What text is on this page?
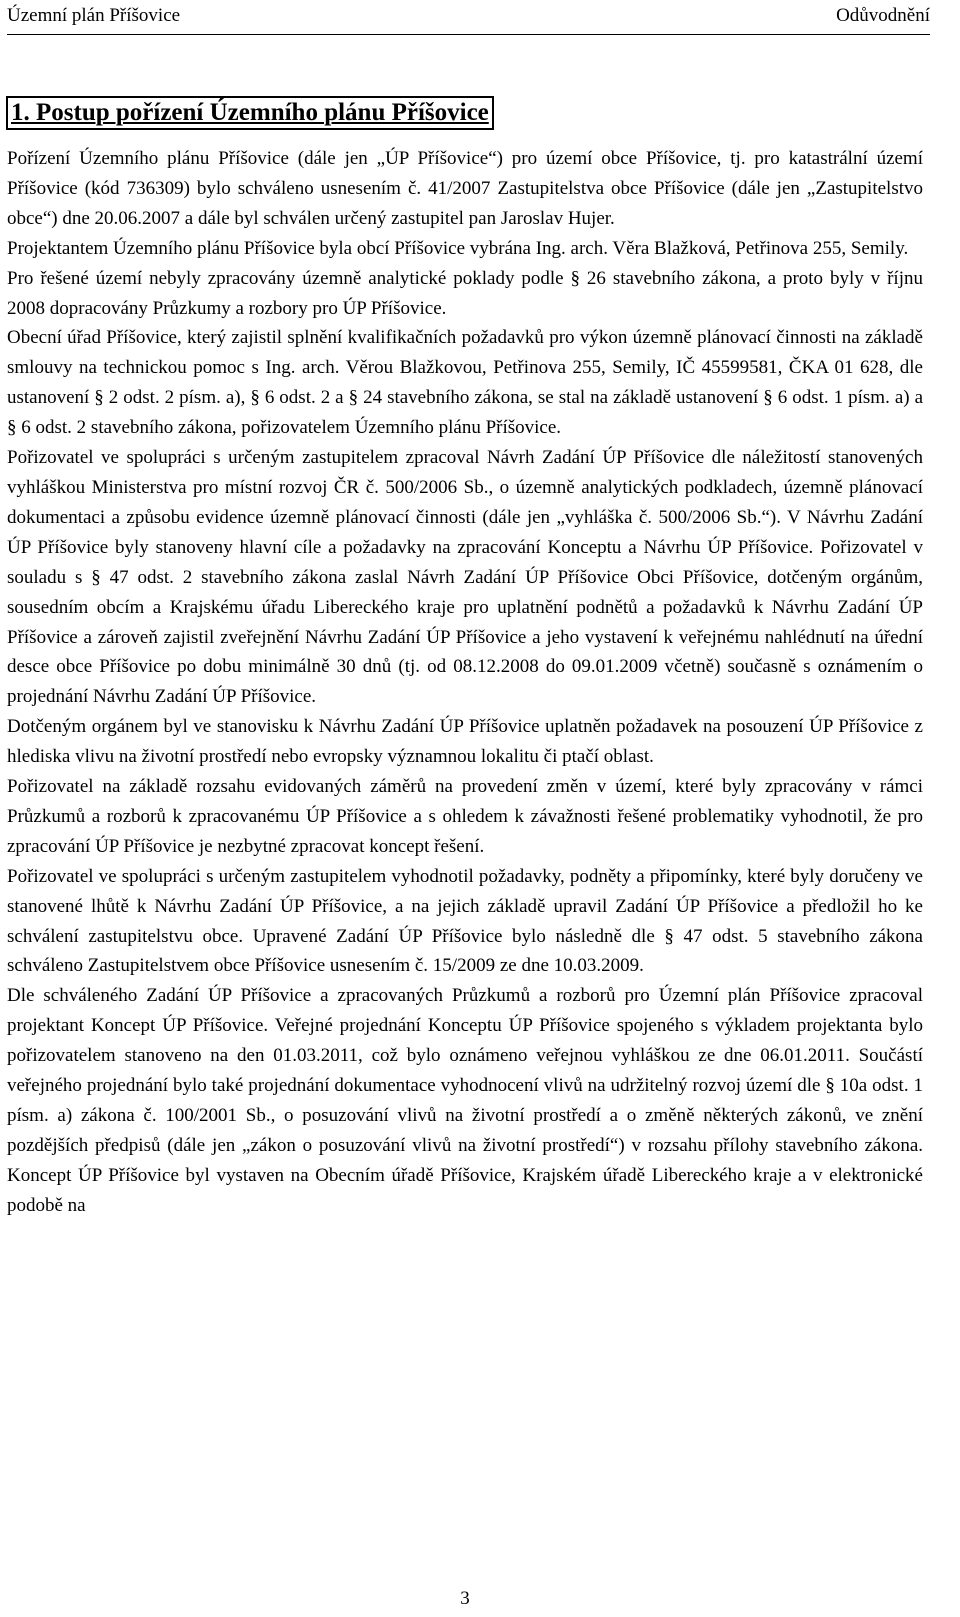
Územní plán Příšovice	Odůvodnění
1. Postup pořízení Územního plánu Příšovice

Pořízení Územního plánu Příšovice (dále jen „ÚP Příšovice“) pro území obce Příšovice, tj. pro katastrální území Příšovice (kód 736309) bylo schváleno usnesením č. 41/2007 Zastupitelstva obce Příšovice (dále jen „Zastupitelstvo obce“) dne 20.06.2007 a dále byl schválen určený zastupitel pan Jaroslav Hujer.

Projektantem Územního plánu Příšovice byla obcí Příšovice vybrána Ing. arch. Věra Blažková, Petřinova 255, Semily.

Pro řešené území nebyly zpracovány územně analytické poklady podle § 26 stavebního zákona, a proto byly v říjnu 2008 dopracovány Průzkumy a rozbory pro ÚP Příšovice.

Obecní úřad Příšovice, který zajistil splnění kvalifikačních požadavků pro výkon územně plánovací činnosti na základě smlouvy na technickou pomoc s Ing. arch. Věrou Blažkovou, Petřinova 255, Semily, IČ 45599581, ČKA 01 628, dle ustanovení § 2 odst. 2 písm. a), § 6 odst. 2 a § 24 stavebního zákona, se stal na základě ustanovení § 6 odst. 1 písm. a) a § 6 odst. 2 stavebního zákona, pořizovatelem Územního plánu Příšovice.

Pořizovatel ve spolupráci s určeným zastupitelem zpracoval Návrh Zadání ÚP Příšovice dle náležitostí stanovených vyhláškou Ministerstva pro místní rozvoj ČR č. 500/2006 Sb., o územně analytických podkladech, územně plánovací dokumentaci a způsobu evidence územně plánovací činnosti (dále jen „vyhláška č. 500/2006 Sb.“). V Návrhu Zadání ÚP Příšovice byly stanoveny hlavní cíle a požadavky na zpracování Konceptu a Návrhu ÚP Příšovice. Pořizovatel v souladu s § 47 odst. 2 stavebního zákona zaslal Návrh Zadání ÚP Příšovice Obci Příšovice, dotčeným orgánům, sousedním obcím a Krajskému úřadu Libereckého kraje pro uplatnění podnětů a požadavků k Návrhu Zadání ÚP Příšovice a zároveň zajistil zveřejnění Návrhu Zadání ÚP Příšovice a jeho vystavení k veřejnému nahlédnutí na úřední desce obce Příšovice po dobu minimálně 30 dnů (tj. od 08.12.2008 do 09.01.2009 včetně) současně s oznámením o projednání Návrhu Zadání ÚP Příšovice.

Dotčeným orgánem byl ve stanovisku k Návrhu Zadání ÚP Příšovice uplatněn požadavek na posouzení ÚP Příšovice z hlediska vlivu na životní prostředí nebo evropsky významnou lokalitu či ptačí oblast.

Pořizovatel na základě rozsahu evidovaných záměrů na provedení změn v území, které byly zpracovány v rámci Průzkumů a rozborů k zpracovanému ÚP Příšovice a s ohledem k závažnosti řešené problematiky vyhodnotil, že pro zpracování ÚP Příšovice je nezbytné zpracovat koncept řešení.

Pořizovatel ve spolupráci s určeným zastupitelem vyhodnotil požadavky, podněty a připomínky, které byly doručeny ve stanovené lhůtě k Návrhu Zadání ÚP Příšovice, a na jejich základě upravil Zadání ÚP Příšovice a předložil ho ke schválení zastupitelstvu obce. Upravené Zadání ÚP Příšovice bylo následně dle § 47 odst. 5 stavebního zákona schváleno Zastupitelstvem obce Příšovice usnesením č. 15/2009 ze dne 10.03.2009.

Dle schváleného Zadání ÚP Příšovice a zpracovaných Průzkumů a rozborů pro Územní plán Příšovice zpracoval projektant Koncept ÚP Příšovice. Veřejné projednání Konceptu ÚP Příšovice spojeného s výkladem projektanta bylo pořizovatelem stanoveno na den 01.03.2011, což bylo oznámeno veřejnou vyhláškou ze dne 06.01.2011. Součástí veřejného projednání bylo také projednání dokumentace vyhodnocení vlivů na udržitelný rozvoj území dle § 10a odst. 1 písm. a) zákona č. 100/2001 Sb., o posuzování vlivů na životní prostředí a o změně některých zákonů, ve znění pozdějších předpisů (dále jen „zákon o posuzování vlivů na životní prostředí“) v rozsahu přílohy stavebního zákona. Koncept ÚP Příšovice byl vystaven na Obecním úřadě Příšovice, Krajském úřadě Libereckého kraje a v elektronické podobě na

3
